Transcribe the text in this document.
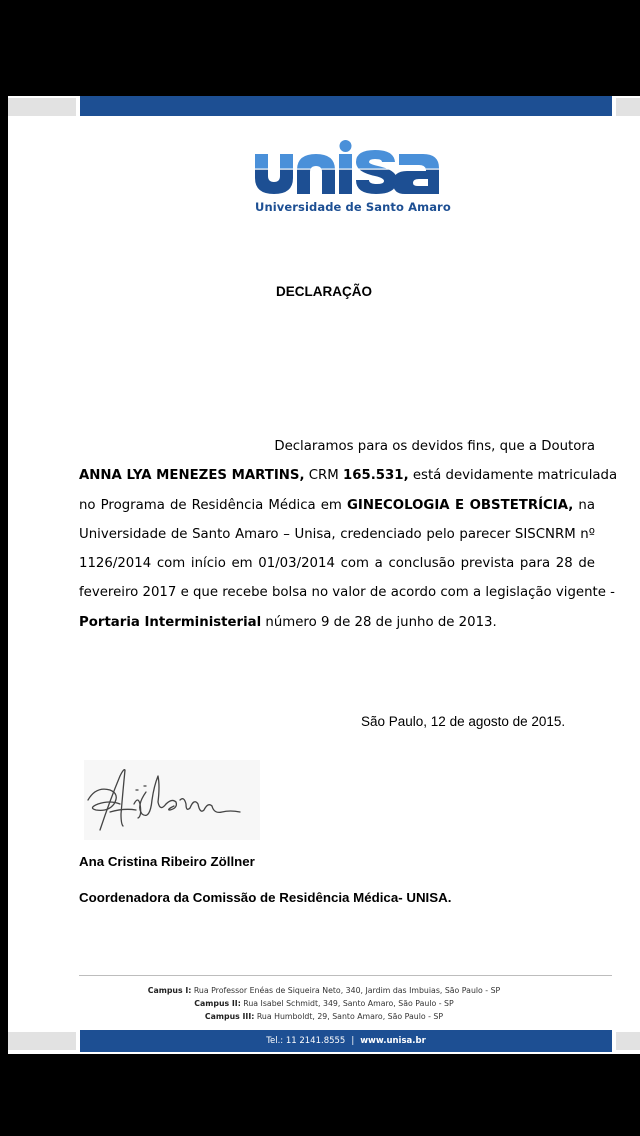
Universidade de Santo Amaro
DECLARAÇÃO
Declaramos para os devidos fins, que a Doutora
ANNA LYA MENEZES MARTINS, CRM 165.531, está devidamente matriculada
no Programa de Residência Médica em GINECOLOGIA E OBSTETRÍCIA, na
Universidade de Santo Amaro – Unisa, credenciado pelo parecer SISCNRM nº
1126/2014 com início em 01/03/2014 com a conclusão prevista para 28 de
fevereiro 2017 e que recebe bolsa no valor de acordo com a legislação vigente -
Portaria Interministerial número 9 de 28 de junho de 2013.
São Paulo, 12 de agosto de 2015.
Ana Cristina Ribeiro Zöllner
Coordenadora da Comissão de Residência Médica- UNISA.
Campus I: Rua Professor Enéas de Siqueira Neto, 340, Jardim das Imbuias, São Paulo - SP
Campus II: Rua Isabel Schmidt, 349, Santo Amaro, São Paulo - SP
Campus III: Rua Humboldt, 29, Santo Amaro, São Paulo - SP
Tel.: 11 2141.8555 | www.unisa.br
